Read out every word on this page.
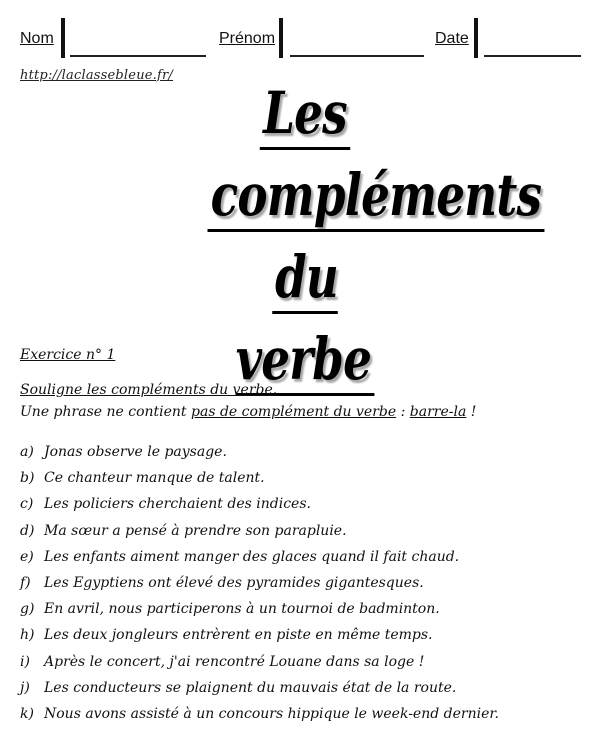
Nom	Prénom	Date
http://laclassebleue.fr/
Les
compléments
du verbe
Exercice n° 1
Souligne les compléments du verbe.
Une phrase ne contient pas de complément du verbe : barre-la !
a) Jonas observe le paysage.
b) Ce chanteur manque de talent.
c) Les policiers cherchaient des indices.
d) Ma sœur a pensé à prendre son parapluie.
e) Les enfants aiment manger des glaces quand il fait chaud.
f) Les Egyptiens ont élevé des pyramides gigantesques.
g) En avril, nous participerons à un tournoi de badminton.
h) Les deux jongleurs entrèrent en piste en même temps.
i) Après le concert, j'ai rencontré Louane dans sa loge !
j) Les conducteurs se plaignent du mauvais état de la route.
k) Nous avons assisté à un concours hippique le week-end dernier.
